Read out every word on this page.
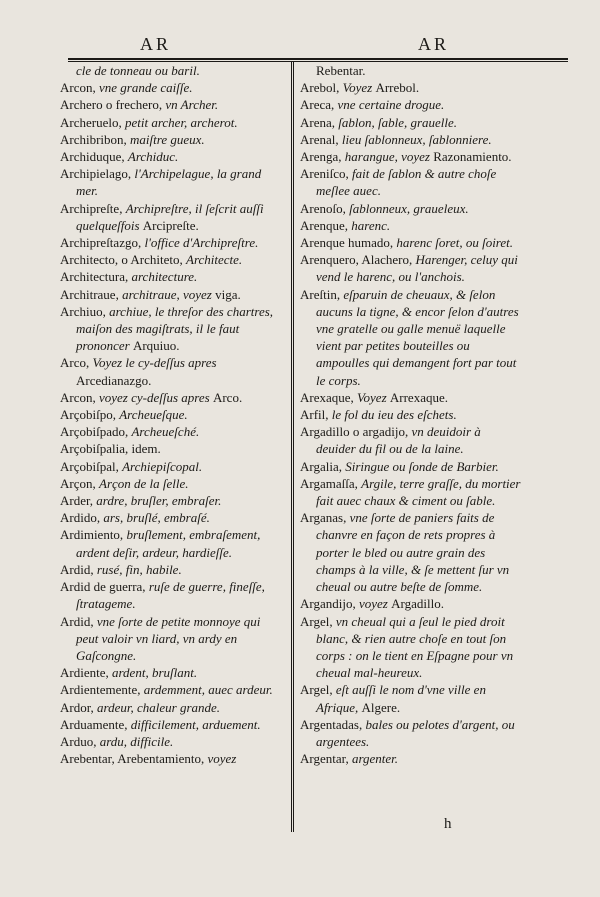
AR	AR

cle de tonneau ou baril.

Arcon, vne grande caiſſe.

Archero o frechero, vn Archer.

Archeruelo, petit archer, archerot.

Archibribon, maiſtre gueux.

Archiduque, Archiduc.

Archipielago, l'Archipelague, la grand mer.

Archipreſte, Archipreſtre, il ſeſcrit auſſi quelqueſfois Arcipreſte.

Archipreſtazgo, l'office d'Archipreſtre.

Architecto, o Architeto, Architecte.

Architectura, architecture.

Architraue, architraue, voyez viga.

Archiuo, archiue, le threſor des chartres, maiſon des magiſtrats, il le faut prononcer Arquiuo.

Arco, Voyez le cy-deſſus apres Arcedianazgo.

Arcon, voyez cy-deſſus apres Arco.

Arçobiſpo, Archeueſque.

Arçobiſpado, Archeueſché.

Arçobiſpalia, idem.

Arçobiſpal, Archiepiſcopal.

Arçon, Arçon de la ſelle.

Arder, ardre, bruſler, embraſer.

Ardido, ars, bruſlé, embraſé.

Ardimiento, bruſlement, embraſement, ardent deſir, ardeur, hardieſſe.

Ardid, rusé, fin, habile.

Ardid de guerra, ruſe de guerre, fineſſe, ſtratageme.

Ardid, vne ſorte de petite monnoye qui peut valoir vn liard, vn ardy en Gaſcongne.

Ardiente, ardent, bruſlant.

Ardientemente, ardemment, auec ardeur.

Ardor, ardeur, chaleur grande.

Arduamente, difficilement, arduement.

Arduo, ardu, difficile.

Arebentar, Arebentamiento, voyez

Rebentar.

Arebol, Voyez Arrebol.

Areca, vne certaine drogue.

Arena, ſablon, ſable, grauelle.

Arenal, lieu ſablonneux, ſablonniere.

Arenga, harangue, voyez Razonamiento.

Areniſco, fait de ſablon & autre choſe meſlee auec.

Arenoſo, ſablonneux, graueleux.

Arenque, harenc.

Arenque humado, harenc ſoret, ou ſoiret.

Arenquero, Alachero, Harenger, celuy qui vend le harenc, ou l'anchois.

Areſtin, eſparuin de cheuaux, & ſelon aucuns la tigne, & encor ſelon d'autres vne gratelle ou galle menuë laquelle vient par petites bouteilles ou ampoulles qui demangent fort par tout le corps.

Arexaque, Voyez Arrexaque.

Arfil, le fol du ieu des eſchets.

Argadillo o argadijo, vn deuidoir à deuider du fil ou de la laine.

Argalia, Siringue ou ſonde de Barbier.

Argamaſſa, Argile, terre graſſe, du mortier fait auec chaux & ciment ou ſable.

Arganas, vne ſorte de paniers faits de chanvre en façon de rets propres à porter le bled ou autre grain des champs à la ville, & ſe mettent ſur vn cheual ou autre beſte de ſomme.

Argandijo, voyez Argadillo.

Argel, vn cheual qui a ſeul le pied droit blanc, & rien autre choſe en tout ſon corps : on le tient en Eſpagne pour vn cheual mal-heureux.

Argel, eſt auſſi le nom d'vne ville en Afrique, Algere.

Argentadas, bales ou pelotes d'argent, ou argentees.

Argentar, argenter.

h
